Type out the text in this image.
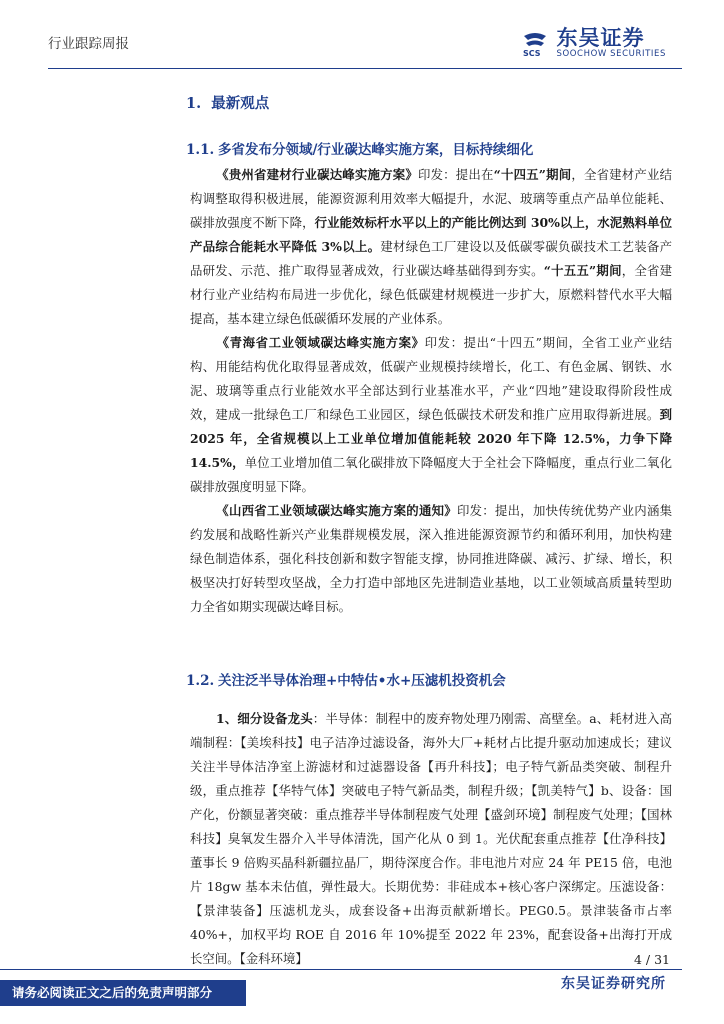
行业跟踪周报
SCS
东吴证券
SOOCHOW SECURITIES
1. 最新观点
1.1. 多省发布分领域/行业碳达峰实施方案，目标持续细化

《贵州省建材行业碳达峰实施方案》印发：提出在“十四五”期间，全省建材产业结构调整取得积极进展，能源资源利用效率大幅提升，水泥、玻璃等重点产品单位能耗、碳排放强度不断下降，行业能效标杆水平以上的产能比例达到 30%以上，水泥熟料单位产品综合能耗水平降低 3%以上。建材绿色工厂建设以及低碳零碳负碳技术工艺装备产品研发、示范、推广取得显著成效，行业碳达峰基础得到夯实。“十五五”期间，全省建材行业产业结构布局进一步优化，绿色低碳建材规模进一步扩大，原燃料替代水平大幅提高，基本建立绿色低碳循环发展的产业体系。

《青海省工业领域碳达峰实施方案》印发：提出“十四五”期间，全省工业产业结构、用能结构优化取得显著成效，低碳产业规模持续增长，化工、有色金属、钢铁、水泥、玻璃等重点行业能效水平全部达到行业基准水平，产业“四地”建设取得阶段性成效，建成一批绿色工厂和绿色工业园区，绿色低碳技术研发和推广应用取得新进展。到 2025 年，全省规模以上工业单位增加值能耗较 2020 年下降 12.5%，力争下降 14.5%，单位工业增加值二氧化碳排放下降幅度大于全社会下降幅度，重点行业二氧化碳排放强度明显下降。

《山西省工业领域碳达峰实施方案的通知》印发：提出，加快传统优势产业内涵集约发展和战略性新兴产业集群规模发展，深入推进能源资源节约和循环利用，加快构建绿色制造体系，强化科技创新和数字智能支撑，协同推进降碳、减污、扩绿、增长，积极坚决打好转型攻坚战，全力打造中部地区先进制造业基地，以工业领域高质量转型助力全省如期实现碳达峰目标。

1.2. 关注泛半导体治理+中特估•水+压滤机投资机会

1、细分设备龙头：半导体：制程中的废弃物处理乃刚需、高壁垒。a、耗材进入高端制程：【美埃科技】电子洁净过滤设备，海外大厂+耗材占比提升驱动加速成长；建议关注半导体洁净室上游滤材和过滤器设备【再升科技】；电子特气新品类突破、制程升级，重点推荐【华特气体】突破电子特气新品类，制程升级；【凯美特气】b、设备：国产化，份额显著突破：重点推荐半导体制程废气处理【盛剑环境】制程废气处理；【国林科技】臭氧发生器介入半导体清洗，国产化从 0 到 1。光伏配套重点推荐【仕净科技】董事长 9 倍购买晶科新疆拉晶厂，期待深度合作。非电池片对应 24 年 PE15 倍，电池片 18gw 基本未估值，弹性最大。长期优势：非硅成本+核心客户深绑定。压滤设备：【景津装备】压滤机龙头，成套设备+出海贡献新增长。PEG0.5。景津装备市占率 40%+，加权平均 ROE 自 2016 年 10%提至 2022 年 23%，配套设备+出海打开成长空间。【金科环境】	4 / 31
请务必阅读正文之后的免责声明部分
东吴证券研究所
